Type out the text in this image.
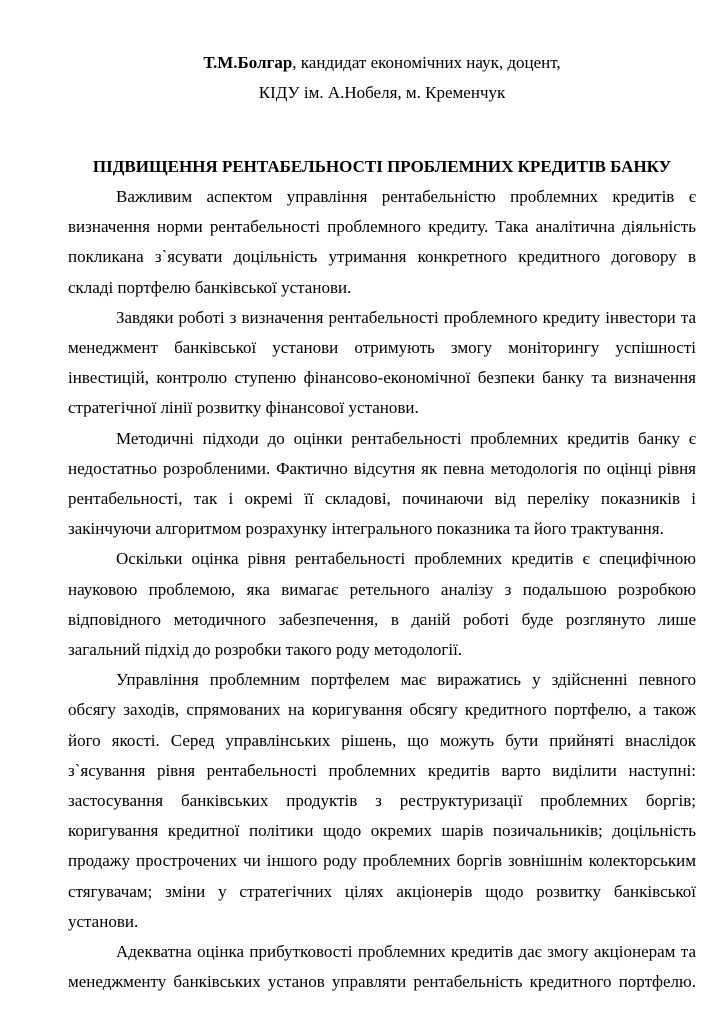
Т.М.Болгар, кандидат економічних наук, доцент,

КІДУ ім. А.Нобеля, м. Кременчук

ПІДВИЩЕННЯ РЕНТАБЕЛЬНОСТІ ПРОБЛЕМНИХ КРЕДИТІВ БАНКУ

Важливим аспектом управління рентабельністю проблемних кредитів є визначення норми рентабельності проблемного кредиту. Така аналітична діяльність покликана з`ясувати доцільність утримання конкретного кредитного договору в складі портфелю банківської установи.

Завдяки роботі з визначення рентабельності проблемного кредиту інвестори та менеджмент банківської установи отримують змогу моніторингу успішності інвестицій, контролю ступеню фінансово-економічної безпеки банку та визначення стратегічної лінії розвитку фінансової установи.

Методичні підходи до оцінки рентабельності проблемних кредитів банку є недостатньо розробленими. Фактично відсутня як певна методологія по оцінці рівня рентабельності, так і окремі її складові, починаючи від переліку показників і закінчуючи алгоритмом розрахунку інтегрального показника та його трактування.

Оскільки оцінка рівня рентабельності проблемних кредитів є специфічною науковою проблемою, яка вимагає ретельного аналізу з подальшою розробкою відповідного методичного забезпечення, в даній роботі буде розглянуто лише загальний підхід до розробки такого роду методології.

Управління проблемним портфелем має виражатись у здійсненні певного обсягу заходів, спрямованих на коригування обсягу кредитного портфелю, а також його якості. Серед управлінських рішень, що можуть бути прийняті внаслідок з`ясування рівня рентабельності проблемних кредитів варто виділити наступні: застосування банківських продуктів з реструктуризації проблемних боргів; коригування кредитної політики щодо окремих шарів позичальників; доцільність продажу прострочених чи іншого роду проблемних боргів зовнішнім колекторським стягувачам; зміни у стратегічних цілях акціонерів щодо розвитку банківської установи.

Адекватна оцінка прибутковості проблемних кредитів дає змогу акціонерам та менеджменту банківських установ управляти рентабельність кредитного портфелю.
